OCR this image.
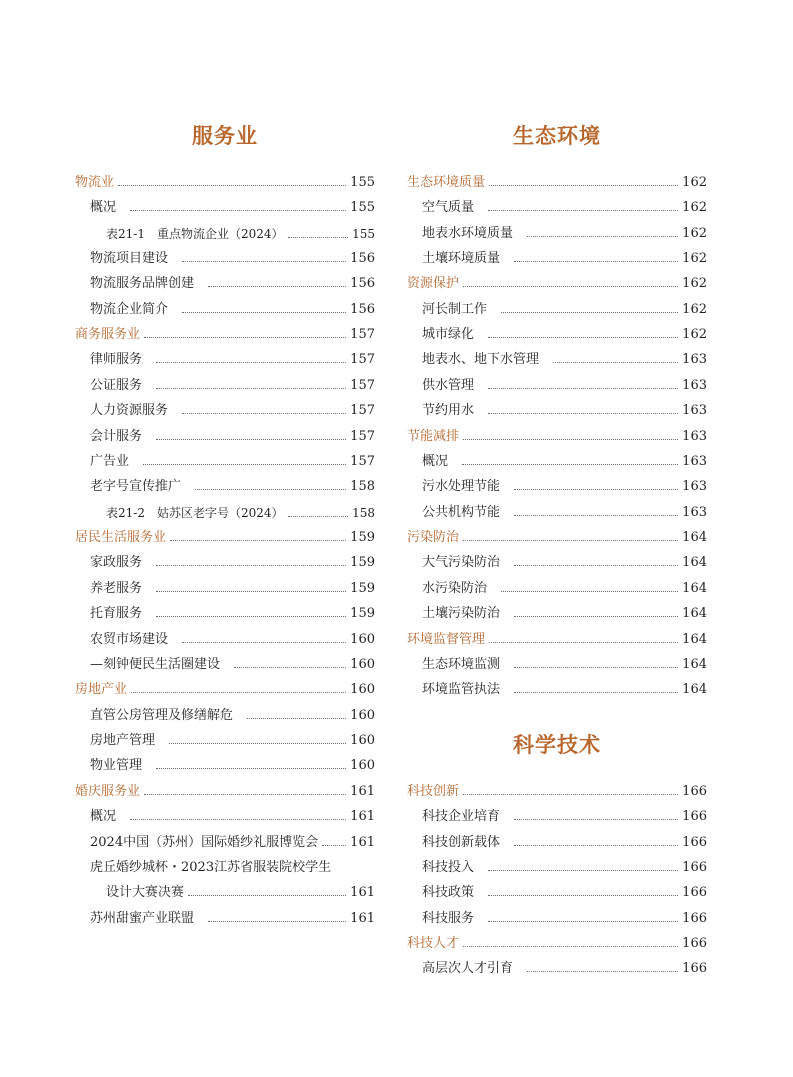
服务业
物流业	155
概况	155
表21-1　重点物流企业（2024）	155
物流项目建设	156
物流服务品牌创建	156
物流企业简介	156
商务服务业	157
律师服务	157
公证服务	157
人力资源服务	157
会计服务	157
广告业	157
老字号宣传推广	158
表21-2　姑苏区老字号（2024）	158
居民生活服务业	159
家政服务	159
养老服务	159
托育服务	159
农贸市场建设	160
—刻钟便民生活圈建设	160
房地产业	160
直管公房管理及修缮解危	160
房地产管理	160
物业管理	160
婚庆服务业	161
概况	161
2024中国（苏州）国际婚纱礼服博览会 161
虎丘婚纱城杯・2023江苏省服装院校学生
设计大赛决赛	161
苏州甜蜜产业联盟	161
生态环境
生态环境质量	162
空气质量	162
地表水环境质量	162
土壤环境质量	162
资源保护	162
河长制工作	162
城市绿化	162
地表水、地下水管理	163
供水管理	163
节约用水	163
节能减排	163
概况	163
污水处理节能	163
公共机构节能	163
污染防治	164
大气污染防治	164
水污染防治	164
土壤污染防治	164
环境监督管理	164
生态环境监测	164
环境监管执法	164
科学技术
科技创新	166
科技企业培育	166
科技创新载体	166
科技投入	166
科技政策	166
科技服务	166
科技人才	166
高层次人才引育	166
